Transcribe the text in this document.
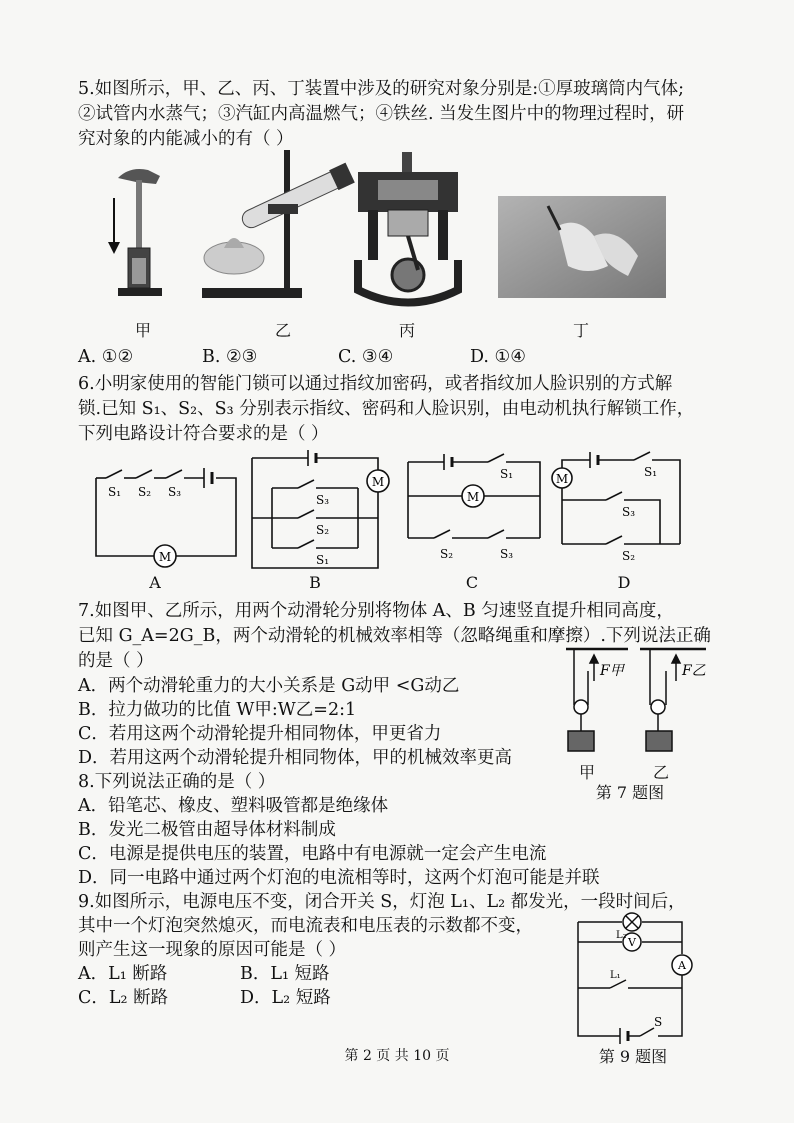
5.如图所示，甲、乙、丙、丁装置中涉及的研究对象分别是:①厚玻璃筒内气体;
②试管内水蒸气；③汽缸内高温燃气；④铁丝. 当发生图片中的物理过程时，研
究对象的内能减小的有（ ）
甲	乙	丙	丁
A. ①②	B. ②③	C. ③④	D. ①④
6.小明家使用的智能门锁可以通过指纹加密码，或者指纹加人脸识别的方式解
锁.已知 S₁、S₂、S₃ 分别表示指纹、密码和人脸识别，由电动机执行解锁工作，
下列电路设计符合要求的是（ ）
M
S₁ S₂ S₃
A
M
S₃
S₂
S₁
B
M
S₁
S₂	S₃
C
M	S₁
S₃
S₂
D
7.如图甲、乙所示，用两个动滑轮分别将物体 A、B 匀速竖直提升相同高度，
已知 G_A=2G_B，两个动滑轮的机械效率相等（忽略绳重和摩擦）.下列说法正确
的是（ ）
A．两个动滑轮重力的大小关系是 G动甲 <G动乙
B．拉力做功的比值 W甲:W乙=2:1
C．若用这两个动滑轮提升相同物体，甲更省力
D．若用这两个动滑轮提升相同物体，甲的机械效率更高
F甲	F乙
甲	乙
第 7 题图
8.下列说法正确的是（ ）
A．铅笔芯、橡皮、塑料吸管都是绝缘体
B．发光二极管由超导体材料制成
C．电源是提供电压的装置，电路中有电源就一定会产生电流
D．同一电路中通过两个灯泡的电流相等时，这两个灯泡可能是并联
9.如图所示，电源电压不变，闭合开关 S，灯泡 L₁、L₂ 都发光，一段时间后，
其中一个灯泡突然熄灭，而电流表和电压表的示数都不变，
则产生这一现象的原因可能是（ ）
A．L₁ 断路	B．L₁ 短路
C．L₂ 断路	D．L₂ 短路
L₂
V
L₁
A
S
第 9 题图
第 2 页 共 10 页
